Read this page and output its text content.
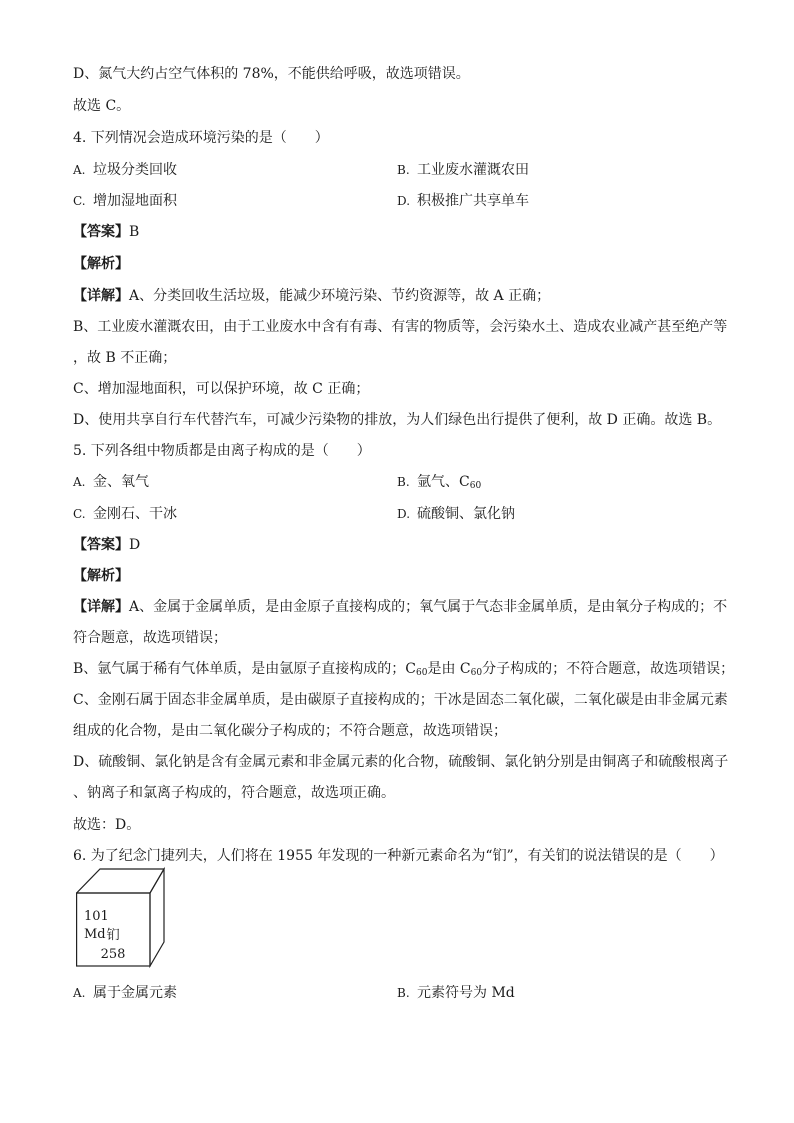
D、氮气大约占空气体积的 78%，不能供给呼吸，故选项错误。
故选 C。
4. 下列情况会造成环境污染的是（　　）
A. 垃圾分类回收	B. 工业废水灌溉农田
C. 增加湿地面积	D. 积极推广共享单车
【答案】B
【解析】
【详解】A、分类回收生活垃圾，能减少环境污染、节约资源等，故 A 正确；
B、工业废水灌溉农田，由于工业废水中含有有毒、有害的物质等，会污染水土、造成农业减产甚至绝产等
，故 B 不正确；
C、增加湿地面积，可以保护环境，故 C 正确；
D、使用共享自行车代替汽车，可减少污染物的排放，为人们绿色出行提供了便利，故 D 正确。故选 B。
5. 下列各组中物质都是由离子构成的是（　　）
A. 金、氧气	B. 氩气、$C_{60}$
C. 金刚石、干冰	D. 硫酸铜、氯化钠
【答案】D
【解析】
【详解】A、金属于金属单质，是由金原子直接构成的；氧气属于气态非金属单质，是由氧分子构成的；不
符合题意，故选项错误；
B、氩气属于稀有气体单质，是由氩原子直接构成的；$C_{60}$是由 $C_{60}$分子构成的；不符合题意，故选项错误；
C、金刚石属于固态非金属单质，是由碳原子直接构成的；干冰是固态二氧化碳，二氧化碳是由非金属元素
组成的化合物，是由二氧化碳分子构成的；不符合题意，故选项错误；
D、硫酸铜、氯化钠是含有金属元素和非金属元素的化合物，硫酸铜、氯化钠分别是由铜离子和硫酸根离子
、钠离子和氯离子构成的，符合题意，故选项正确。
故选：D。
6. 为了纪念门捷列夫，人们将在 1955 年发现的一种新元素命名为“钔”，有关钔的说法错误的是（　　）
101  Md 钔
258
A. 属于金属元素	B. 元素符号为 Md
